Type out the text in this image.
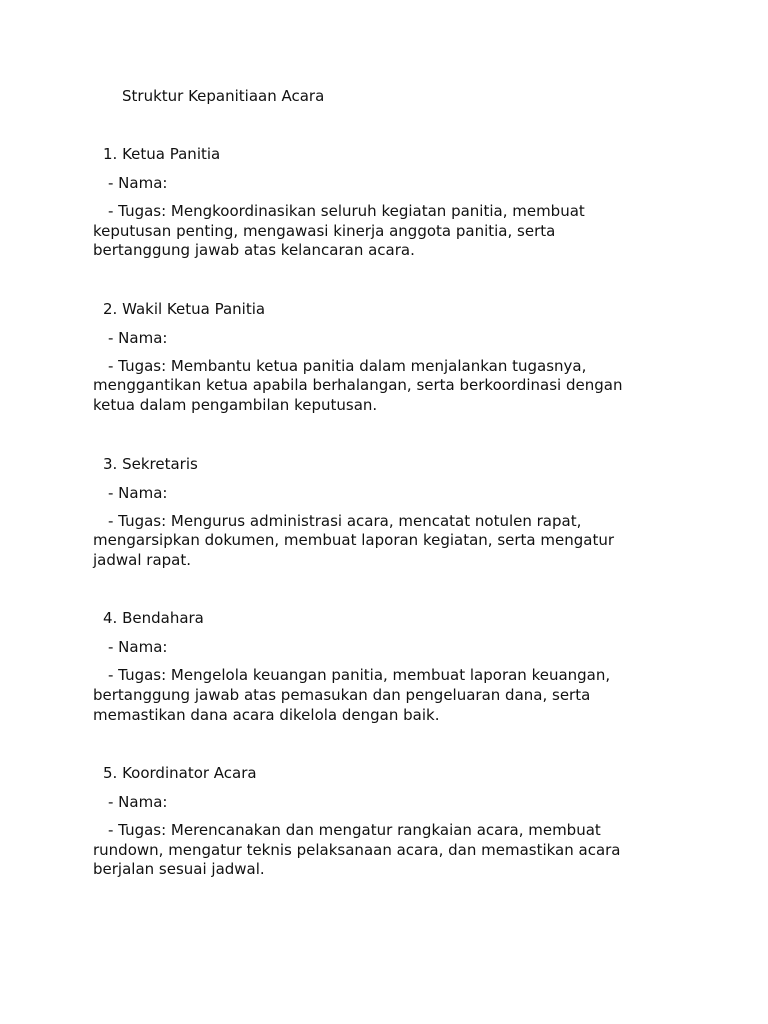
Struktur Kepanitiaan Acara

1. Ketua Panitia

- Nama:

- Tugas: Mengkoordinasikan seluruh kegiatan panitia, membuat keputusan penting, mengawasi kinerja anggota panitia, serta bertanggung jawab atas kelancaran acara.

2. Wakil Ketua Panitia

- Nama:

- Tugas: Membantu ketua panitia dalam menjalankan tugasnya, menggantikan ketua apabila berhalangan, serta berkoordinasi dengan ketua dalam pengambilan keputusan.

3. Sekretaris

- Nama:

- Tugas: Mengurus administrasi acara, mencatat notulen rapat, mengarsipkan dokumen, membuat laporan kegiatan, serta mengatur jadwal rapat.

4. Bendahara

- Nama:

- Tugas: Mengelola keuangan panitia, membuat laporan keuangan, bertanggung jawab atas pemasukan dan pengeluaran dana, serta memastikan dana acara dikelola dengan baik.

5. Koordinator Acara

- Nama:

- Tugas: Merencanakan dan mengatur rangkaian acara, membuat rundown, mengatur teknis pelaksanaan acara, dan memastikan acara berjalan sesuai jadwal.
